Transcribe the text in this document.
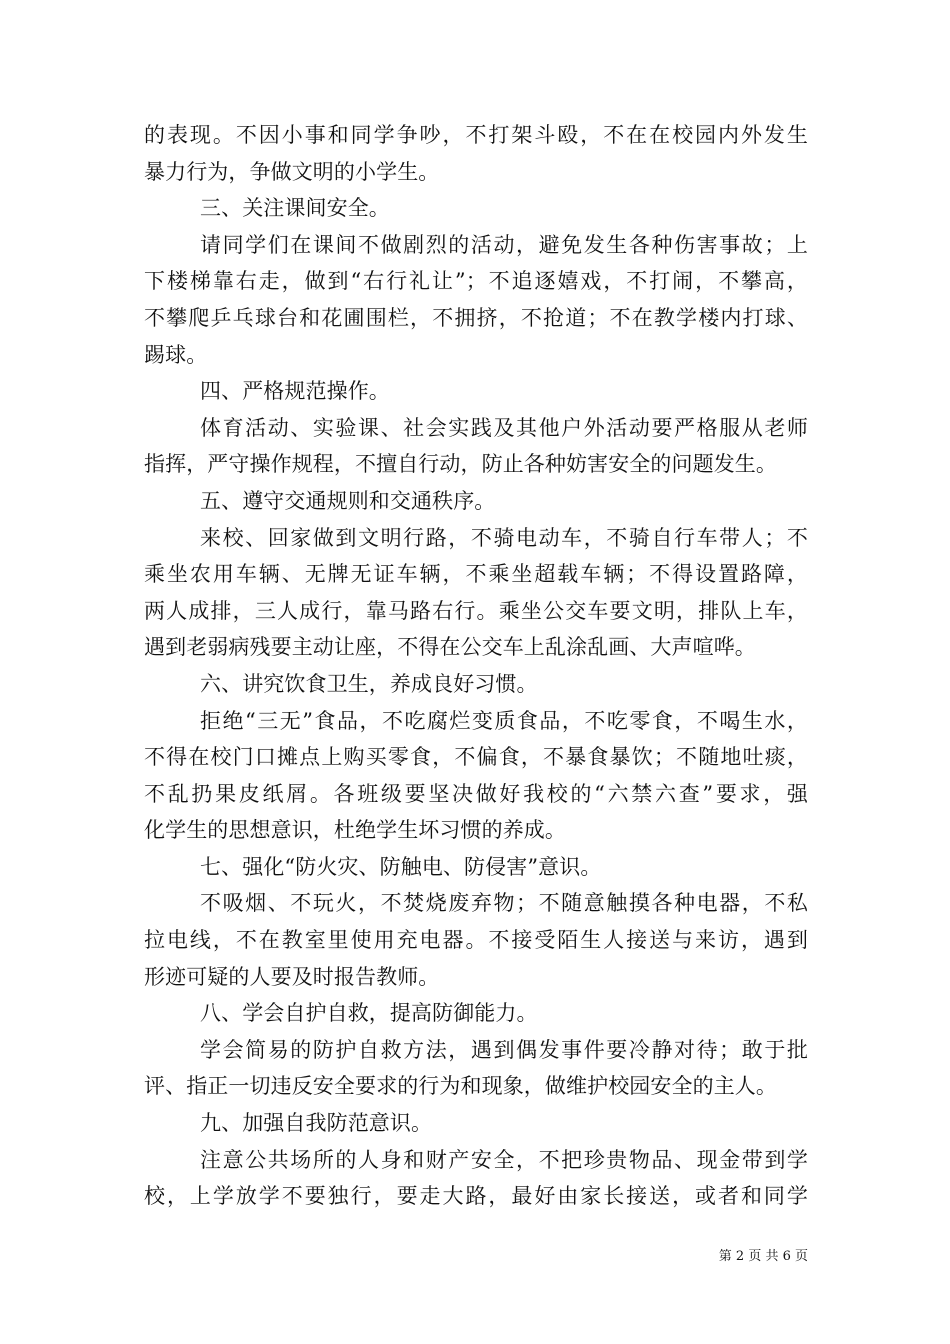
的表现。不因小事和同学争吵，不打架斗殴，不在在校园内外发生
暴力行为，争做文明的小学生。
三、关注课间安全。
请同学们在课间不做剧烈的活动，避免发生各种伤害事故；上
下楼梯靠右走，做到“右行礼让”；不追逐嬉戏，不打闹，不攀高，
不攀爬乒乓球台和花圃围栏，不拥挤，不抢道；不在教学楼内打球、
踢球。
四、严格规范操作。
体育活动、实验课、社会实践及其他户外活动要严格服从老师
指挥，严守操作规程，不擅自行动，防止各种妨害安全的问题发生。
五、遵守交通规则和交通秩序。
来校、回家做到文明行路，不骑电动车，不骑自行车带人；不
乘坐农用车辆、无牌无证车辆，不乘坐超载车辆；不得设置路障，
两人成排，三人成行，靠马路右行。乘坐公交车要文明，排队上车，
遇到老弱病残要主动让座，不得在公交车上乱涂乱画、大声喧哗。
六、讲究饮食卫生，养成良好习惯。
拒绝“三无”食品，不吃腐烂变质食品，不吃零食，不喝生水，
不得在校门口摊点上购买零食，不偏食，不暴食暴饮；不随地吐痰，
不乱扔果皮纸屑。各班级要坚决做好我校的“六禁六查”要求，强
化学生的思想意识，杜绝学生坏习惯的养成。
七、强化“防火灾、防触电、防侵害”意识。
不吸烟、不玩火，不焚烧废弃物；不随意触摸各种电器，不私
拉电线，不在教室里使用充电器。不接受陌生人接送与来访，遇到
形迹可疑的人要及时报告教师。
八、学会自护自救，提高防御能力。
学会简易的防护自救方法，遇到偶发事件要冷静对待；敢于批
评、指正一切违反安全要求的行为和现象，做维护校园安全的主人。
九、加强自我防范意识。
注意公共场所的人身和财产安全，不把珍贵物品、现金带到学
校，上学放学不要独行，要走大路，最好由家长接送，或者和同学
第 2 页 共 6 页
